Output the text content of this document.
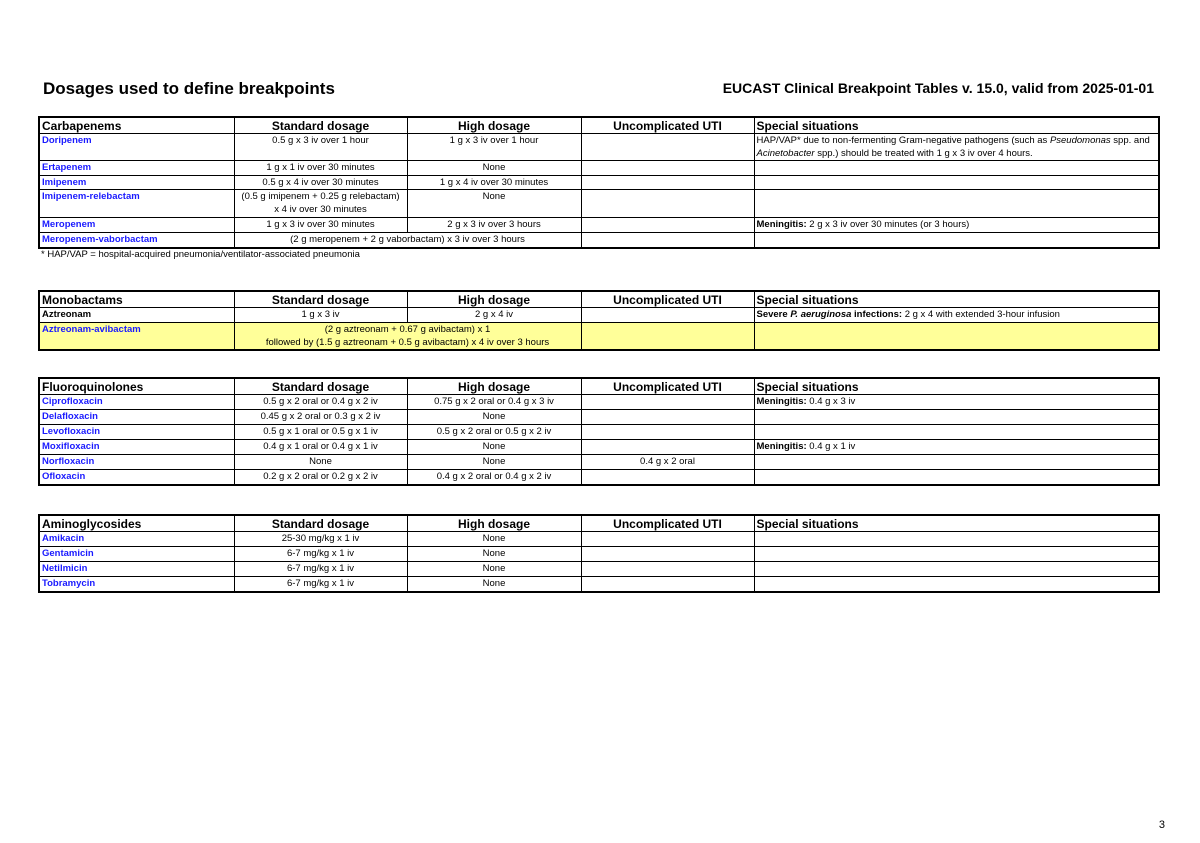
Dosages used to define breakpoints	EUCAST Clinical Breakpoint Tables v. 15.0, valid from 2025-01-01
Carbapenems	Standard dosage	High dosage	Uncomplicated UTI	Special situations
Doripenem	0.5 g x 3 iv over 1 hour	1 g x 3 iv over 1 hour		HAP/VAP* due to non-fermenting Gram-negative pathogens (such as Pseudomonas spp. and Acinetobacter spp.) should be treated with 1 g x 3 iv over 4 hours.
Ertapenem	1 g x 1 iv over 30 minutes	None		
Imipenem	0.5 g x 4 iv over 30 minutes	1 g x 4 iv over 30 minutes		
Imipenem-relebactam	(0.5 g imipenem + 0.25 g relebactam)
x 4 iv over 30 minutes	None		
Meropenem	1 g x 3 iv over 30 minutes	2 g x 3 iv over 3 hours		Meningitis: 2 g x 3 iv over 30 minutes (or 3 hours)
Meropenem-vaborbactam	(2 g meropenem + 2 g vaborbactam) x 3 iv over 3 hours			
* HAP/VAP = hospital-acquired pneumonia/ventilator-associated pneumonia
Monobactams	Standard dosage	High dosage	Uncomplicated UTI	Special situations
Aztreonam	1 g x 3 iv	2 g x 4 iv		Severe P. aeruginosa infections: 2 g x 4 with extended 3-hour infusion
Aztreonam-avibactam	(2 g aztreonam + 0.67 g avibactam) x 1
followed by (1.5 g aztreonam + 0.5 g avibactam) x 4 iv over 3 hours			

Fluoroquinolones	Standard dosage	High dosage	Uncomplicated UTI	Special situations
Ciprofloxacin	0.5 g x 2 oral or 0.4 g x 2 iv	0.75 g x 2 oral or 0.4 g x 3 iv		Meningitis: 0.4 g x 3 iv
Delafloxacin	0.45 g x 2 oral or 0.3 g x 2 iv	None		
Levofloxacin	0.5 g x 1 oral or 0.5 g x 1 iv	0.5 g x 2 oral or 0.5 g x 2 iv		
Moxifloxacin	0.4 g x 1 oral or 0.4 g x 1 iv	None		Meningitis: 0.4 g x 1 iv
Norfloxacin	None	None	0.4 g x 2 oral	
Ofloxacin	0.2 g x 2 oral or 0.2 g x 2 iv	0.4 g x 2 oral or 0.4 g x 2 iv		
Aminoglycosides	Standard dosage	High dosage	Uncomplicated UTI	Special situations
Amikacin	25-30 mg/kg x 1 iv	None		
Gentamicin	6-7 mg/kg x 1 iv	None		
Netilmicin	6-7 mg/kg x 1 iv	None		
Tobramycin	6-7 mg/kg x 1 iv	None		
3
